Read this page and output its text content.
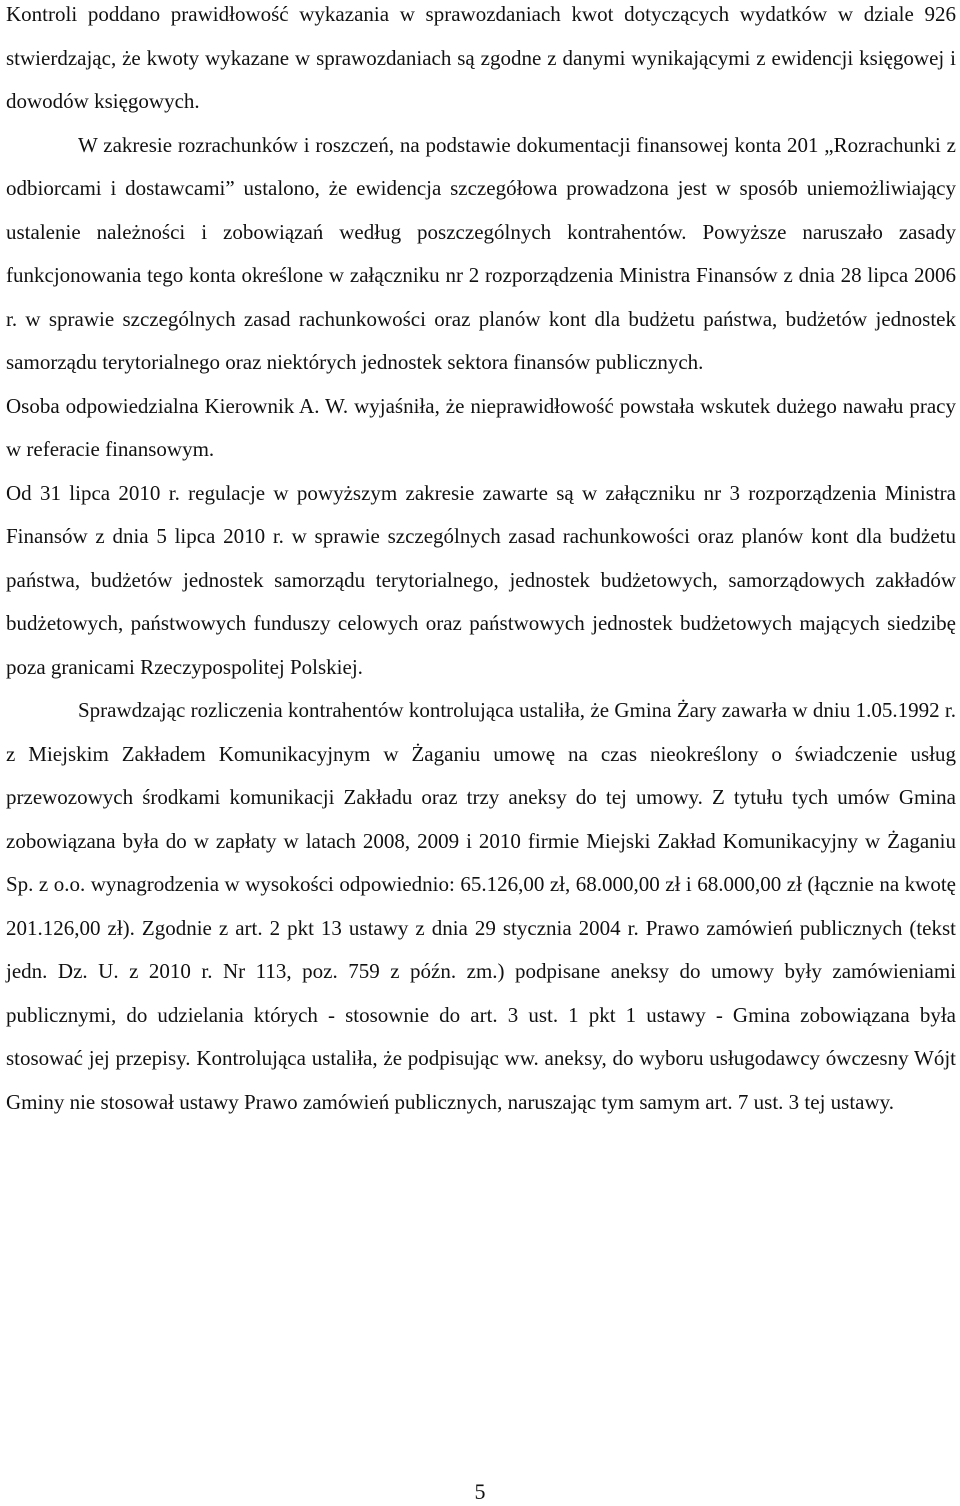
Kontroli poddano prawidłowość wykazania w sprawozdaniach kwot dotyczących wydatków w dziale 926 stwierdzając, że kwoty wykazane w sprawozdaniach są zgodne z danymi wynikającymi z ewidencji księgowej i dowodów księgowych.

W zakresie rozrachunków i roszczeń, na podstawie dokumentacji finansowej konta 201 „Rozrachunki z odbiorcami i dostawcami” ustalono, że ewidencja szczegółowa prowadzona jest w sposób uniemożliwiający ustalenie należności i zobowiązań według poszczególnych kontrahentów. Powyższe naruszało zasady funkcjonowania tego konta określone w załączniku nr 2 rozporządzenia Ministra Finansów z dnia 28 lipca 2006 r. w sprawie szczególnych zasad rachunkowości oraz planów kont dla budżetu państwa, budżetów jednostek samorządu terytorialnego oraz niektórych jednostek sektora finansów publicznych.

Osoba odpowiedzialna Kierownik A. W. wyjaśniła, że nieprawidłowość powstała wskutek dużego nawału pracy w referacie finansowym.

Od 31 lipca 2010 r. regulacje w powyższym zakresie zawarte są w załączniku nr 3 rozporządzenia Ministra Finansów z dnia 5 lipca 2010 r. w sprawie szczególnych zasad rachunkowości oraz planów kont dla budżetu państwa, budżetów jednostek samorządu terytorialnego, jednostek budżetowych, samorządowych zakładów budżetowych, państwowych funduszy celowych oraz państwowych jednostek budżetowych mających siedzibę poza granicami Rzeczypospolitej Polskiej.

Sprawdzając rozliczenia kontrahentów kontrolująca ustaliła, że Gmina Żary zawarła w dniu 1.05.1992 r. z Miejskim Zakładem Komunikacyjnym w Żaganiu umowę na czas nieokreślony o świadczenie usług przewozowych środkami komunikacji Zakładu oraz trzy aneksy do tej umowy. Z tytułu tych umów Gmina zobowiązana była do w zapłaty w latach 2008, 2009 i 2010 firmie Miejski Zakład Komunikacyjny w Żaganiu Sp. z o.o. wynagrodzenia w wysokości odpowiednio: 65.126,00 zł, 68.000,00 zł i 68.000,00 zł (łącznie na kwotę 201.126,00 zł). Zgodnie z art. 2 pkt 13 ustawy z dnia 29 stycznia 2004 r. Prawo zamówień publicznych (tekst jedn. Dz. U. z 2010 r. Nr 113, poz. 759 z późn. zm.) podpisane aneksy do umowy były zamówieniami publicznymi, do udzielania których - stosownie do art. 3 ust. 1 pkt 1 ustawy - Gmina zobowiązana była stosować jej przepisy. Kontrolująca ustaliła, że podpisując ww. aneksy, do wyboru usługodawcy ówczesny Wójt Gminy nie stosował ustawy Prawo zamówień publicznych, naruszając tym samym art. 7 ust. 3 tej ustawy.

5
